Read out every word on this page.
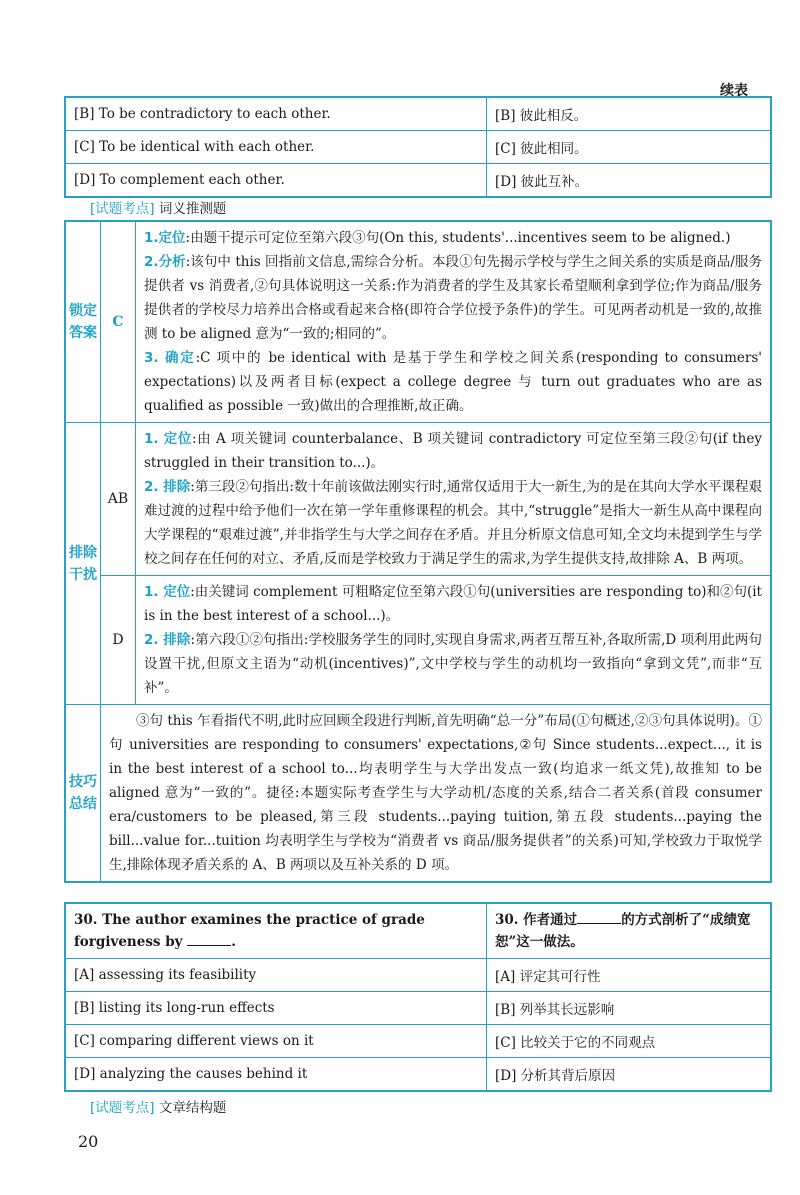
续表
[B] To be contradictory to each other.	[B] 彼此相反。
[C] To be identical with each other.	[C] 彼此相同。
[D] To complement each other.	[D] 彼此互补。
[试题考点] 词义推测题
锁定答案	C	1.定位:由题干提示可定位至第六段③句(On this, students'...incentives seem to be aligned.)

2.分析:该句中 this 回指前文信息,需综合分析。本段①句先揭示学校与学生之间关系的实质是商品/服务提供者 vs 消费者,②句具体说明这一关系:作为消费者的学生及其家长希望顺利拿到学位;作为商品/服务提供者的学校尽力培养出合格或看起来合格(即符合学位授予条件)的学生。可见两者动机是一致的,故推测 to be aligned 意为“一致的;相同的”。

3. 确定:C 项中的 be identical with 是基于学生和学校之间关系(responding to consumers' expectations)以及两者目标(expect a college degree 与 turn out graduates who are as qualified as possible 一致)做出的合理推断,故正确。

排除干扰	AB	1. 定位:由 A 项关键词 counterbalance、B 项关键词 contradictory 可定位至第三段②句(if they struggled in their transition to...)。

2. 排除:第三段②句指出:数十年前该做法刚实行时,通常仅适用于大一新生,为的是在其向大学水平课程艰难过渡的过程中给予他们一次在第一学年重修课程的机会。其中,“struggle”是指大一新生从高中课程向大学课程的“艰难过渡”,并非指学生与大学之间存在矛盾。并且分析原文信息可知,全文均未提到学生与学校之间存在任何的对立、矛盾,反而是学校致力于满足学生的需求,为学生提供支持,故排除 A、B 两项。

	D	1. 定位:由关键词 complement 可粗略定位至第六段①句(universities are responding to)和②句(it is in the best interest of a school...)。

2. 排除:第六段①②句指出:学校服务学生的同时,实现自身需求,两者互帮互补,各取所需,D 项利用此两句设置干扰,但原文主语为“动机(incentives)”,文中学校与学生的动机均一致指向“拿到文凭”,而非“互补”。

技巧总结	③句 this 乍看指代不明,此时应回顾全段进行判断,首先明确“总一分”布局(①句概述,②③句具体说明)。①句 universities are responding to consumers' expectations,②句 Since students...expect..., it is in the best interest of a school to...均表明学生与大学出发点一致(均追求一纸文凭),故推知 to be aligned 意为“一致的”。捷径:本题实际考查学生与大学动机/态度的关系,结合二者关系(首段 consumer era/customers to be pleased,第三段 students...paying tuition,第五段 students...paying the bill...value for...tuition 均表明学生与学校为“消费者 vs 商品/服务提供者”的关系)可知,学校致力于取悦学生,排除体现矛盾关系的 A、B 两项以及互补关系的 D 项。	

30. The author examines the practice of grade forgiveness by .	30. 作者通过 的方式剖析了“成绩宽恕”这一做法。
[A] assessing its feasibility	[A] 评定其可行性
[B] listing its long-run effects	[B] 列举其长远影响
[C] comparing different views on it	[C] 比较关于它的不同观点
[D] analyzing the causes behind it	[D] 分析其背后原因
[试题考点] 文章结构题
20
